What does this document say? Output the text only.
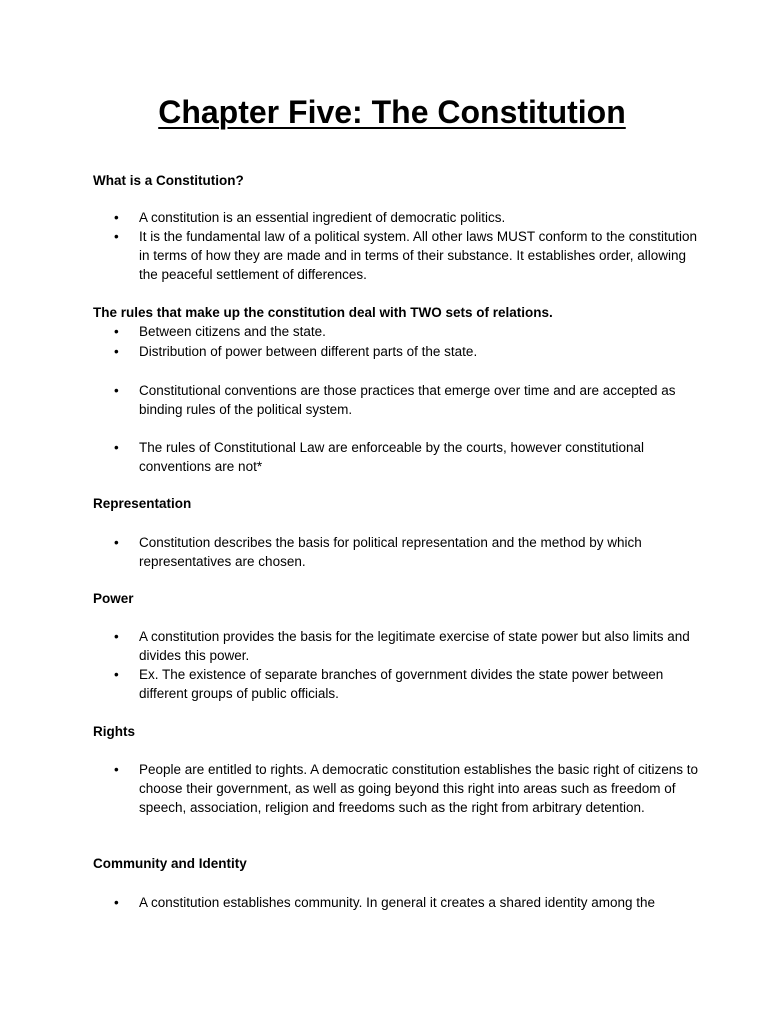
Chapter Five: The Constitution
What is a Constitution?
•	A constitution is an essential ingredient of democratic politics.
•	It is the fundamental law of a political system. All other laws MUST conform to the constitution in terms of how they are made and in terms of their substance. It establishes order, allowing the peaceful settlement of differences.
The rules that make up the constitution deal with TWO sets of relations.
•	Between citizens and the state.
•	Distribution of power between different parts of the state.
•	Constitutional conventions are those practices that emerge over time and are accepted as binding rules of the political system.
•	The rules of Constitutional Law are enforceable by the courts, however constitutional conventions are not*
Representation
•	Constitution describes the basis for political representation and the method by which representatives are chosen.
Power
•	A constitution provides the basis for the legitimate exercise of state power but also limits and divides this power.
•	Ex. The existence of separate branches of government divides the state power between different groups of public officials.
Rights
•	People are entitled to rights. A democratic constitution establishes the basic right of citizens to choose their government, as well as going beyond this right into areas such as freedom of speech, association, religion and freedoms such as the right from arbitrary detention.
Community and Identity
•	A constitution establishes community. In general it creates a shared identity among the
